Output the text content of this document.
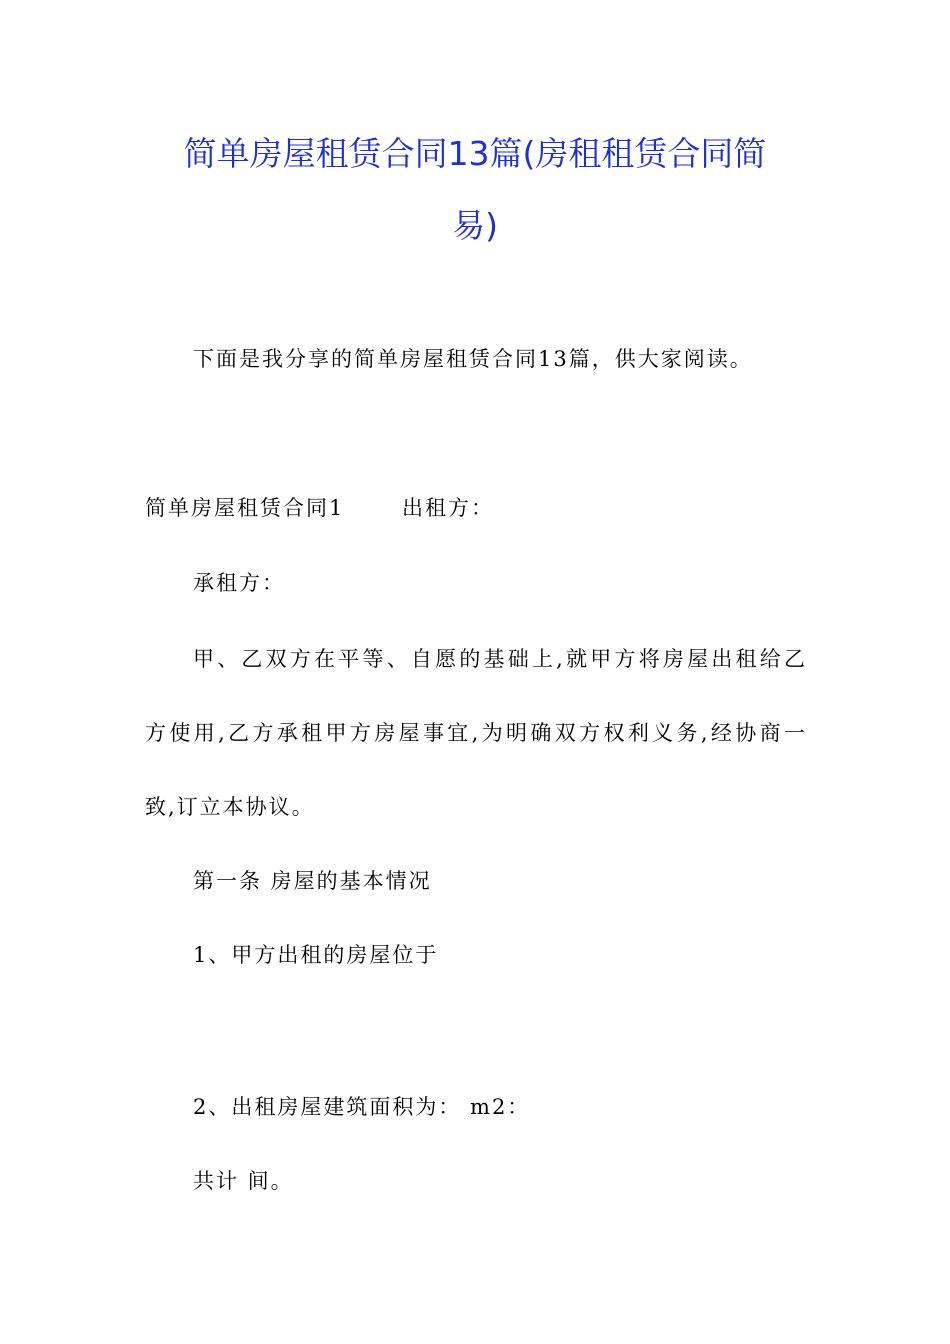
简单房屋租赁合同13篇(房租租赁合同简
易)
下面是我分享的简单房屋租赁合同13篇，供大家阅读。
简单房屋租赁合同1	出租方：
承租方：
甲、乙双方在平等、自愿的基础上,就甲方将房屋出租给乙
方使用,乙方承租甲方房屋事宜,为明确双方权利义务,经协商一
致,订立本协议。
第一条 房屋的基本情况
1、甲方出租的房屋位于
2、出租房屋建筑面积为： m2：
共计 间。
